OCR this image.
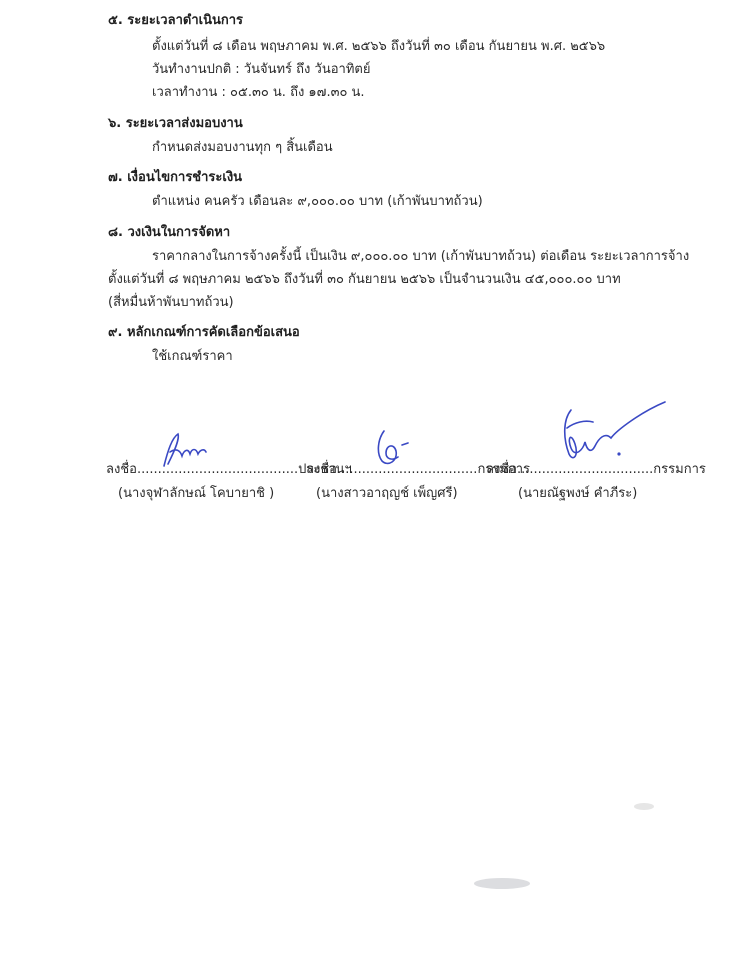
๕. ระยะเวลาดำเนินการ
ตั้งแต่วันที่ ๘ เดือน พฤษภาคม พ.ศ. ๒๕๖๖ ถึงวันที่ ๓๐ เดือน กันยายน พ.ศ. ๒๕๖๖
วันทำงานปกติ : วันจันทร์ ถึง วันอาทิตย์
เวลาทำงาน : ๐๕.๓๐ น. ถึง ๑๗.๓๐ น.
๖. ระยะเวลาส่งมอบงาน
กำหนดส่งมอบงานทุก ๆ สิ้นเดือน
๗. เงื่อนไขการชำระเงิน
ตำแหน่ง คนครัว เดือนละ ๙,๐๐๐.๐๐ บาท (เก้าพันบาทถ้วน)
๘. วงเงินในการจัดหา
ราคากลางในการจ้างครั้งนี้ เป็นเงิน ๙,๐๐๐.๐๐ บาท (เก้าพันบาทถ้วน) ต่อเดือน ระยะเวลาการจ้าง
ตั้งแต่วันที่ ๘ พฤษภาคม ๒๕๖๖ ถึงวันที่ ๓๐ กันยายน ๒๕๖๖ เป็นจำนวนเงิน ๔๕,๐๐๐.๐๐ บาท
(สี่หมื่นห้าพันบาทถ้วน)
๙. หลักเกณฑ์การคัดเลือกข้อเสนอ
ใช้เกณฑ์ราคา
ลงชื่อ.......................................ประธานฯ
(นางจุฬาลักษณ์ โคบายาชิ )
ลงชื่อ..................................กรรมการ
(นางสาวอาฤญช์ เพ็ญศรี)
ลงชื่อ.................................กรรมการ
(นายณัฐพงษ์ คำภีระ)
